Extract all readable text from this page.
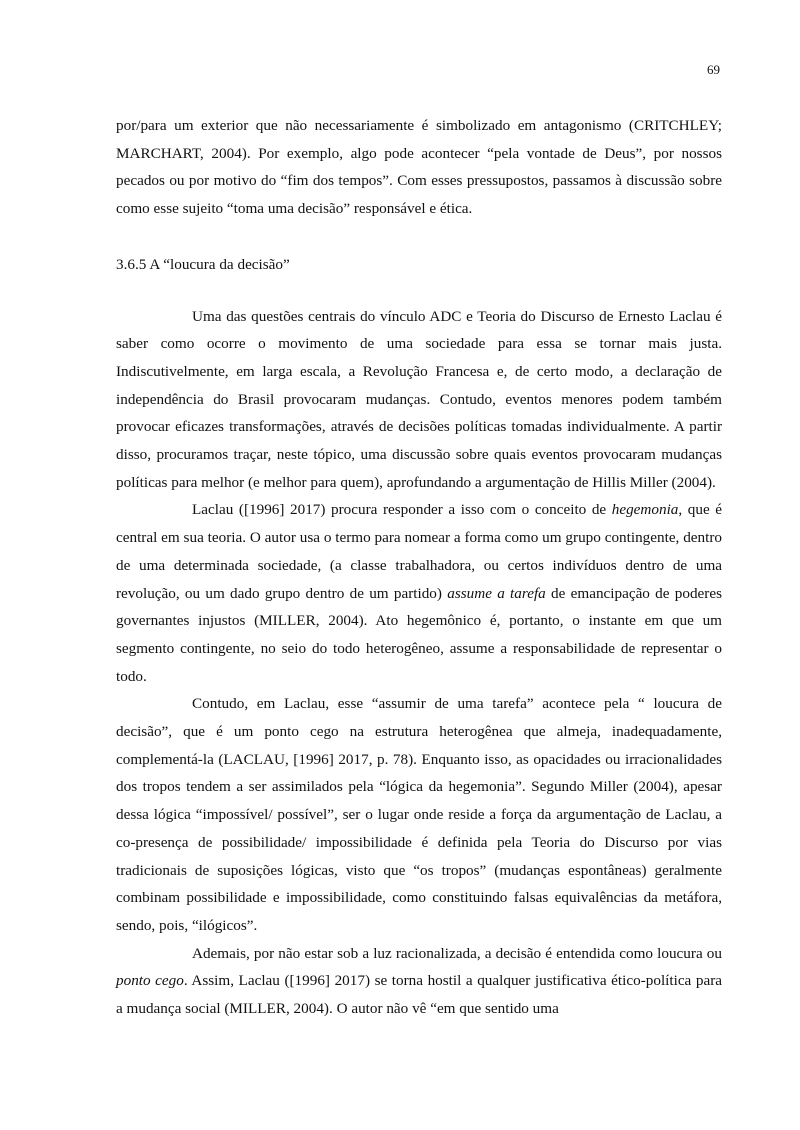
69

por/para um exterior que não necessariamente é simbolizado em antagonismo (CRITCHLEY; MARCHART, 2004). Por exemplo, algo pode acontecer “pela vontade de Deus”, por nossos pecados ou por motivo do “fim dos tempos”. Com esses pressupostos, passamos à discussão sobre como esse sujeito “toma uma decisão” responsável e ética.

3.6.5 A “loucura da decisão”

Uma das questões centrais do vínculo ADC e Teoria do Discurso de Ernesto Laclau é saber como ocorre o movimento de uma sociedade para essa se tornar mais justa. Indiscutivelmente, em larga escala, a Revolução Francesa e, de certo modo, a declaração de independência do Brasil provocaram mudanças. Contudo, eventos menores podem também provocar eficazes transformações, através de decisões políticas tomadas individualmente. A partir disso, procuramos traçar, neste tópico, uma discussão sobre quais eventos provocaram mudanças políticas para melhor (e melhor para quem), aprofundando a argumentação de Hillis Miller (2004).

Laclau ([1996] 2017) procura responder a isso com o conceito de hegemonia, que é central em sua teoria. O autor usa o termo para nomear a forma como um grupo contingente, dentro de uma determinada sociedade, (a classe trabalhadora, ou certos indivíduos dentro de uma revolução, ou um dado grupo dentro de um partido) assume a tarefa de emancipação de poderes governantes injustos (MILLER, 2004). Ato hegemônico é, portanto, o instante em que um segmento contingente, no seio do todo heterogêneo, assume a responsabilidade de representar o todo.

Contudo, em Laclau, esse “assumir de uma tarefa” acontece pela “ loucura de decisão”, que é um ponto cego na estrutura heterogênea que almeja, inadequadamente, complementá-la (LACLAU, [1996] 2017, p. 78). Enquanto isso, as opacidades ou irracionalidades dos tropos tendem a ser assimilados pela “lógica da hegemonia”. Segundo Miller (2004), apesar dessa lógica “impossível/ possível”, ser o lugar onde reside a força da argumentação de Laclau, a co-presença de possibilidade/ impossibilidade é definida pela Teoria do Discurso por vias tradicionais de suposições lógicas, visto que “os tropos” (mudanças espontâneas) geralmente combinam possibilidade e impossibilidade, como constituindo falsas equivalências da metáfora, sendo, pois, “ilógicos”.

Ademais, por não estar sob a luz racionalizada, a decisão é entendida como loucura ou ponto cego. Assim, Laclau ([1996] 2017) se torna hostil a qualquer justificativa ético-política para a mudança social (MILLER, 2004). O autor não vê “em que sentido uma
